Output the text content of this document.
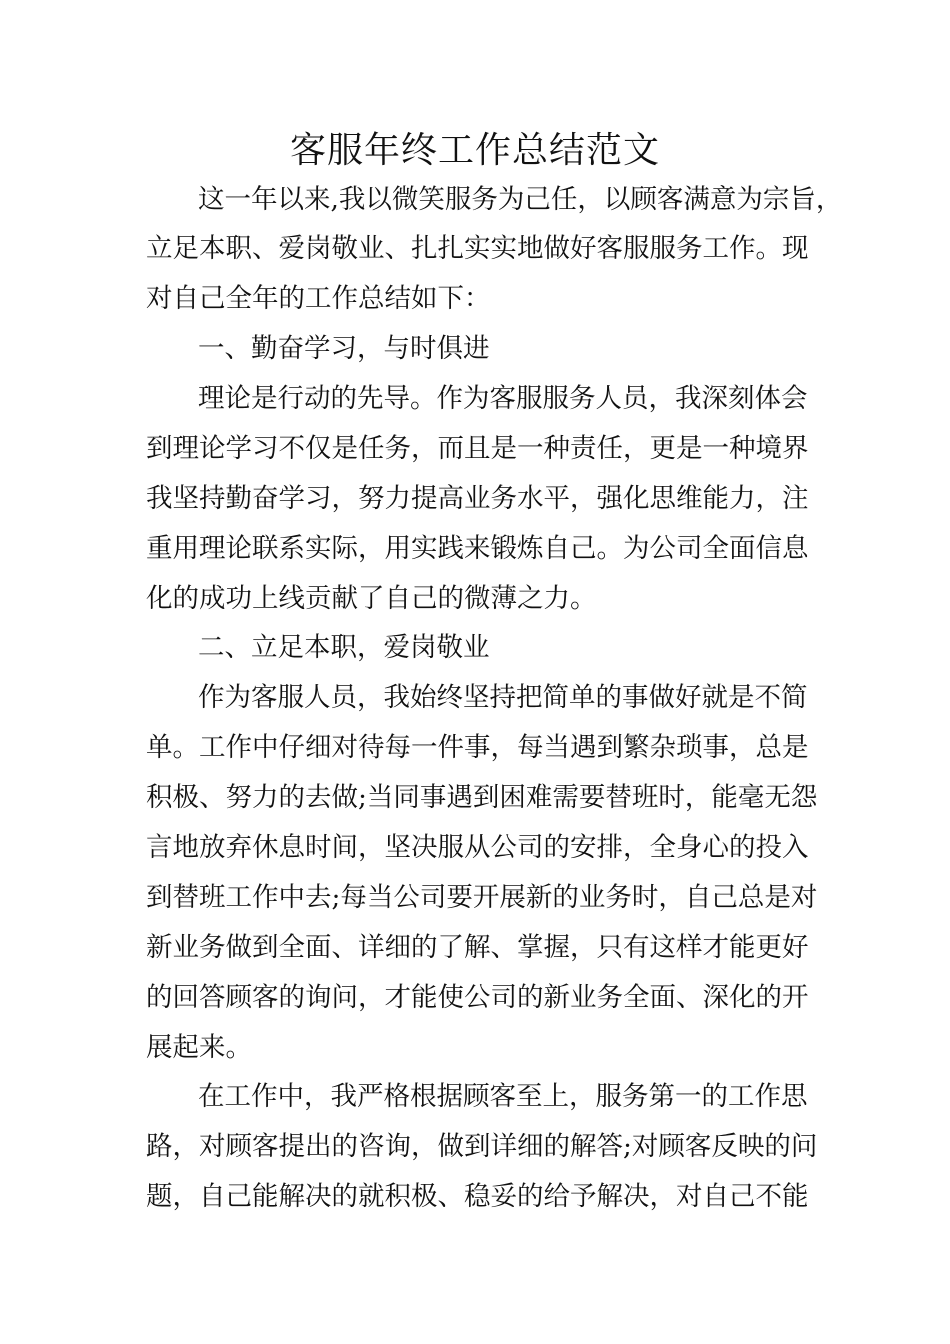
客服年终工作总结范文
这一年以来,我以微笑服务为己任，以顾客满意为宗旨，
立足本职、爱岗敬业、扎扎实实地做好客服服务工作。现
对自己全年的工作总结如下：
一、勤奋学习，与时俱进
理论是行动的先导。作为客服服务人员，我深刻体会
到理论学习不仅是任务，而且是一种责任，更是一种境界
我坚持勤奋学习，努力提高业务水平，强化思维能力，注
重用理论联系实际，用实践来锻炼自己。为公司全面信息
化的成功上线贡献了自己的微薄之力。
二、立足本职，爱岗敬业
作为客服人员，我始终坚持把简单的事做好就是不简
单。工作中仔细对待每一件事，每当遇到繁杂琐事，总是
积极、努力的去做;当同事遇到困难需要替班时，能毫无怨
言地放弃休息时间，坚决服从公司的安排，全身心的投入
到替班工作中去;每当公司要开展新的业务时，自己总是对
新业务做到全面、详细的了解、掌握，只有这样才能更好
的回答顾客的询问，才能使公司的新业务全面、深化的开
展起来。
在工作中，我严格根据顾客至上，服务第一的工作思
路，对顾客提出的咨询，做到详细的解答;对顾客反映的问
题，自己能解决的就积极、稳妥的给予解决，对自己不能
